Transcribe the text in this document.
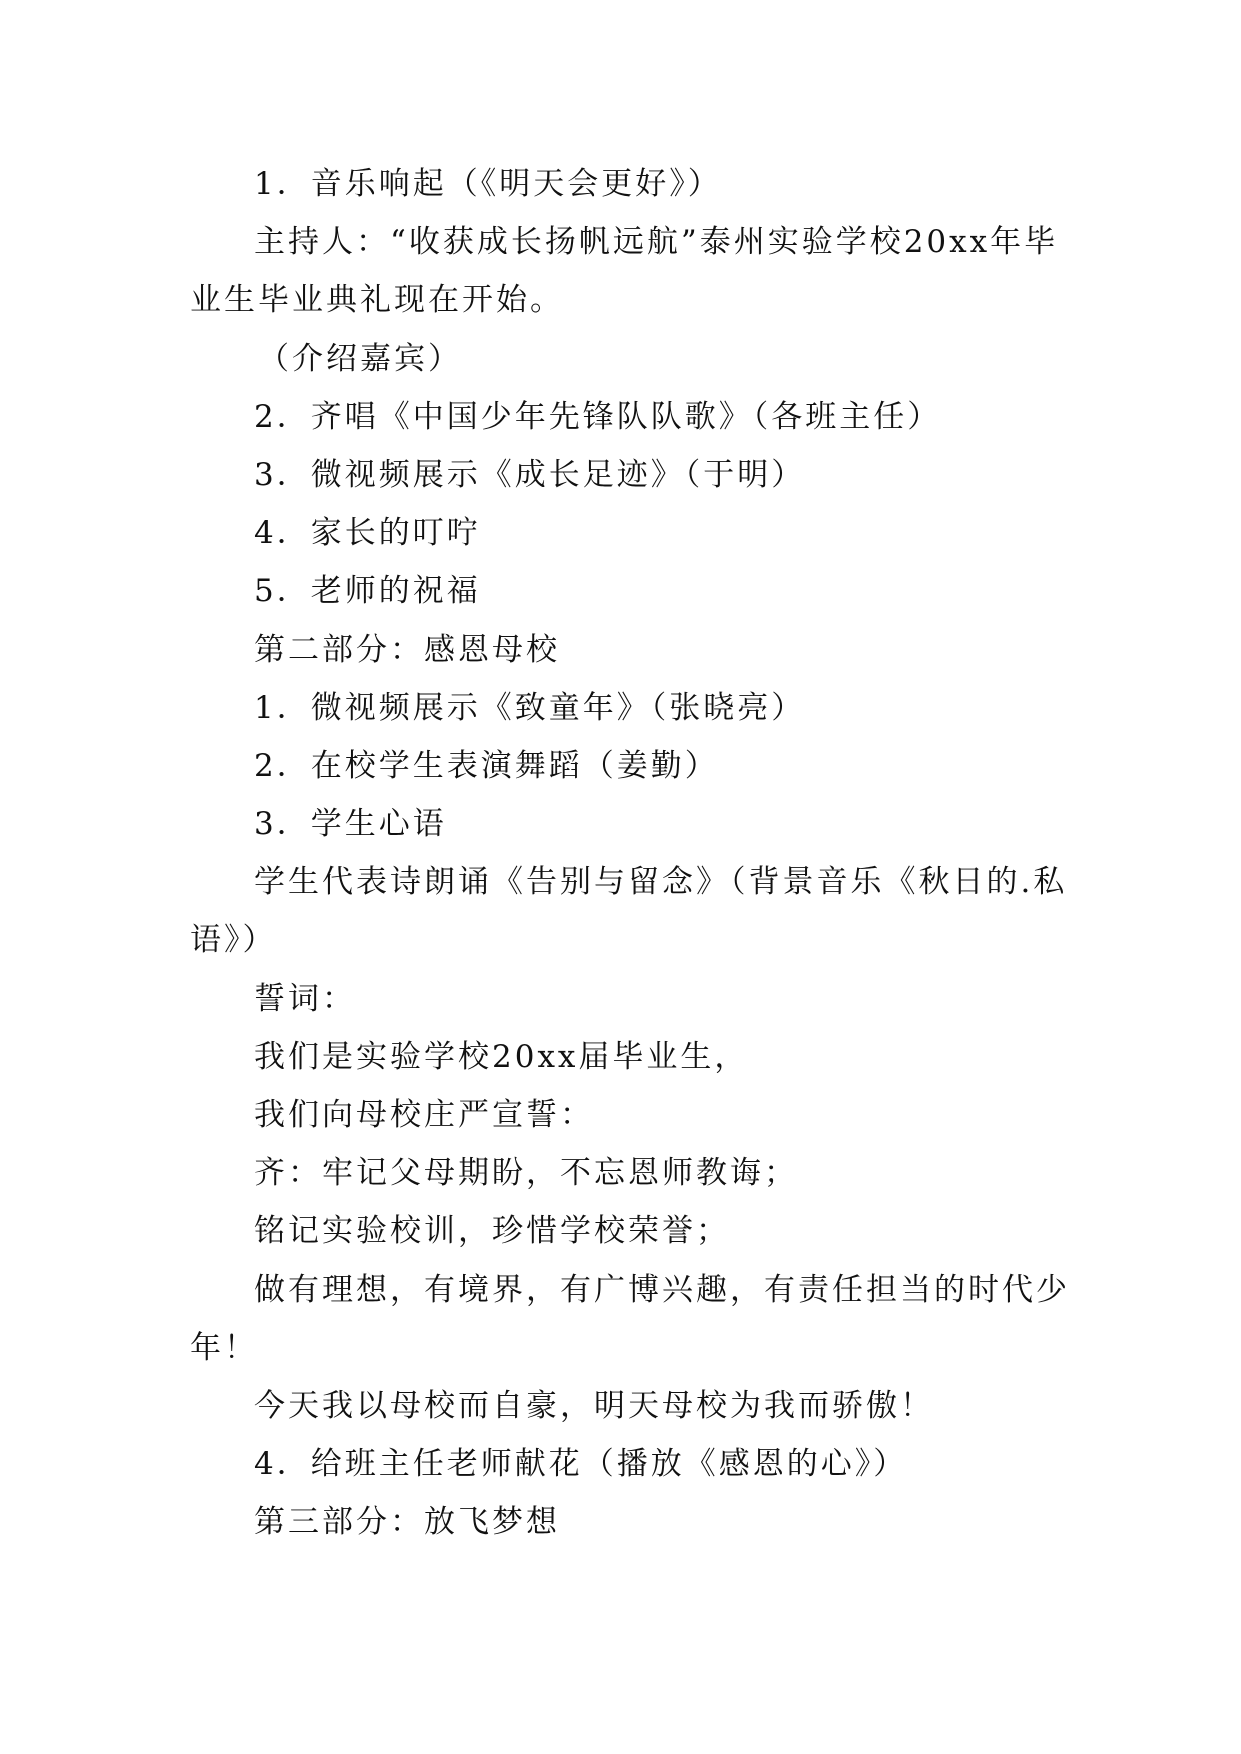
1．音乐响起（《明天会更好》）

主持人：“收获成长扬帆远航”泰州实验学校20xx年毕

业生毕业典礼现在开始。

（介绍嘉宾）

2．齐唱《中国少年先锋队队歌》（各班主任）

3．微视频展示《成长足迹》（于明）

4．家长的叮咛

5．老师的祝福

第二部分：感恩母校

1．微视频展示《致童年》（张晓亮）

2．在校学生表演舞蹈（姜勤）

3．学生心语

学生代表诗朗诵《告别与留念》（背景音乐《秋日的.私

语》）

誓词：

我们是实验学校20xx届毕业生，

我们向母校庄严宣誓：

齐：牢记父母期盼，不忘恩师教诲；

铭记实验校训，珍惜学校荣誉；

做有理想，有境界，有广博兴趣，有责任担当的时代少

年！

今天我以母校而自豪，明天母校为我而骄傲！

4．给班主任老师献花（播放《感恩的心》）

第三部分：放飞梦想
